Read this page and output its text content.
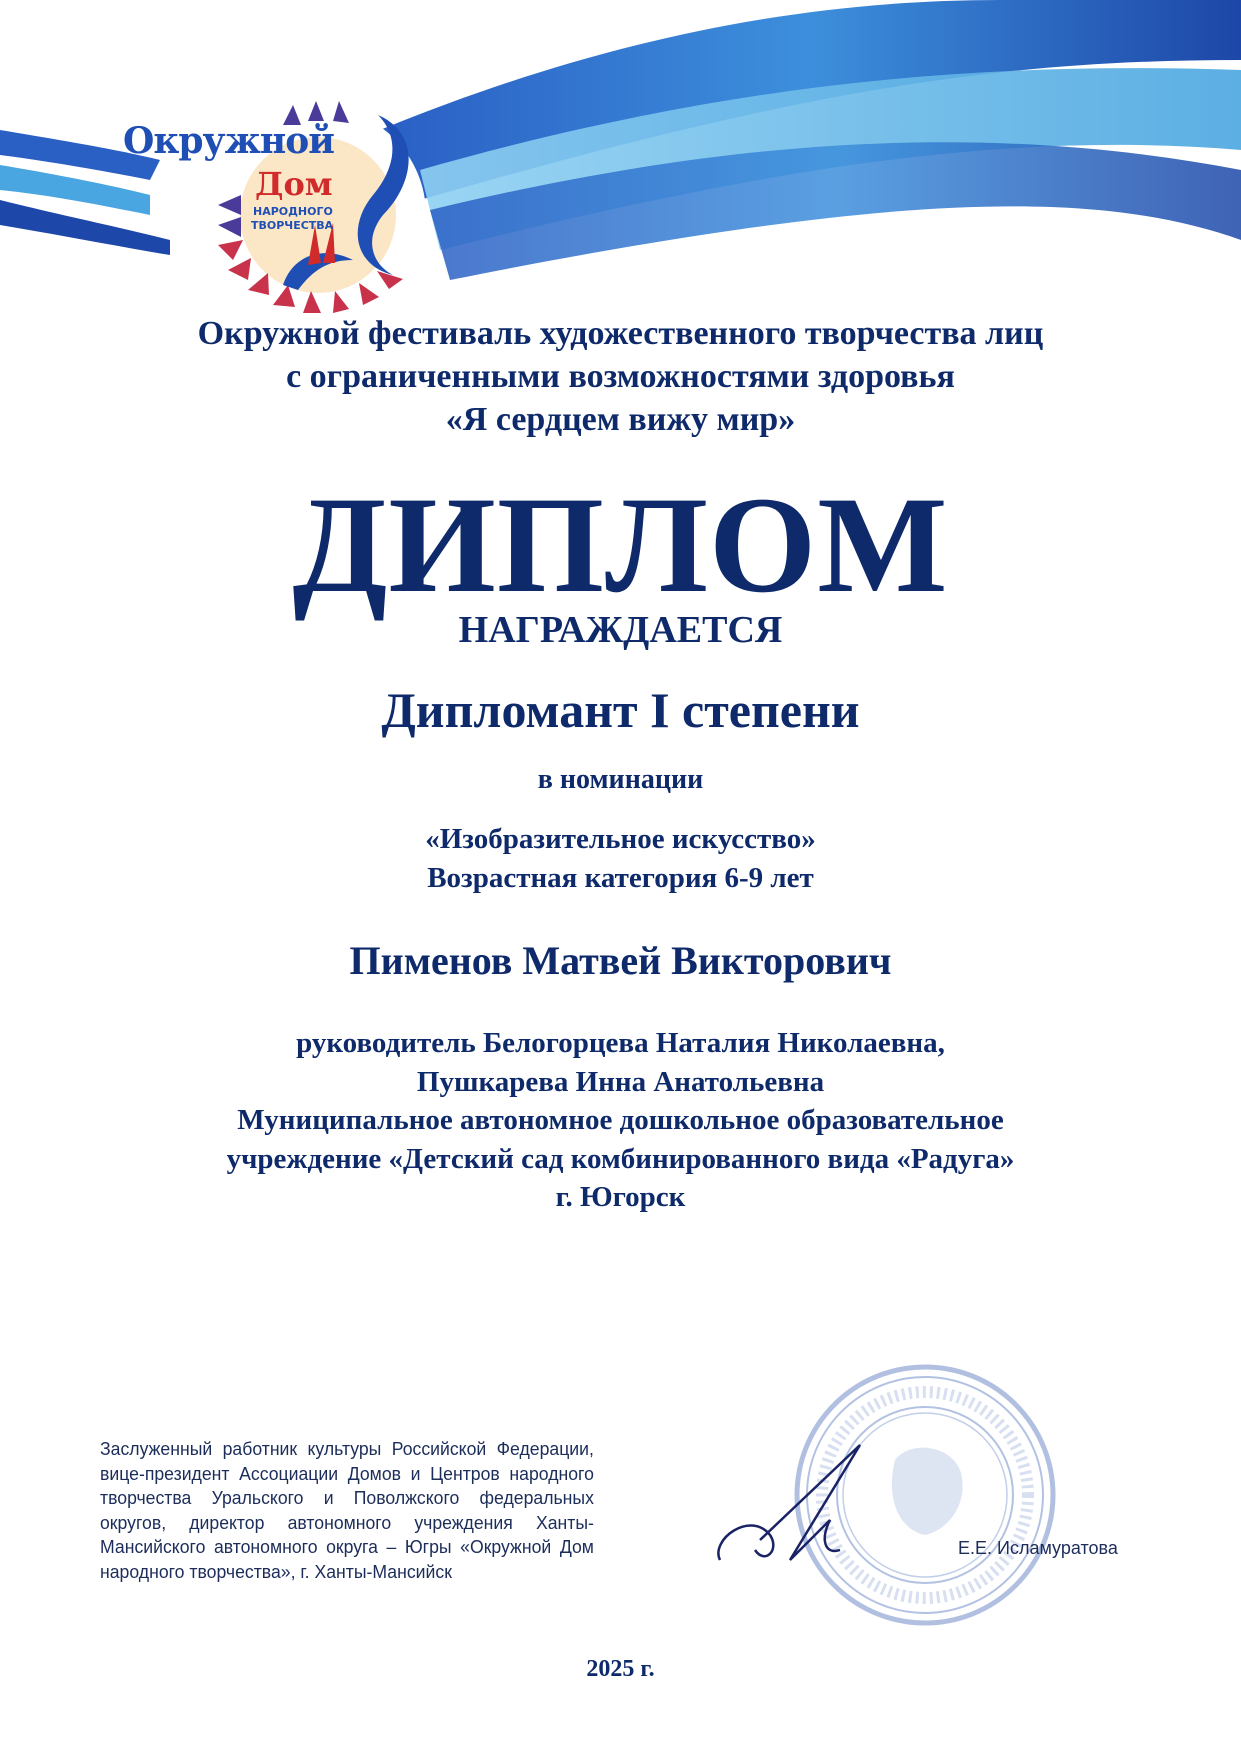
Окружной
Дом
НАРОДНОГО
ТВОРЧЕСТВА
Окружной фестиваль художественного творчества лиц
с ограниченными возможностями здоровья
«Я сердцем вижу мир»
ДИПЛОМ
НАГРАЖДАЕТСЯ
Дипломант I степени
в номинации
«Изобразительное искусство»
Возрастная категория 6-9 лет
Пименов Матвей Викторович
руководитель Белогорцева Наталия Николаевна,
Пушкарева Инна Анатольевна
Муниципальное автономное дошкольное образовательное
учреждение «Детский сад комбинированного вида «Радуга»
г. Югорск
Заслуженный работник культуры Российской Федерации, вице-президент Ассоциации Домов и Центров народного творчества Уральского и Поволжского федеральных округов, директор автономного учреждения Ханты-Мансийского автономного округа – Югры «Окружной Дом народного творчества», г. Ханты-Мансийск
Е.Е. Исламуратова
2025 г.
